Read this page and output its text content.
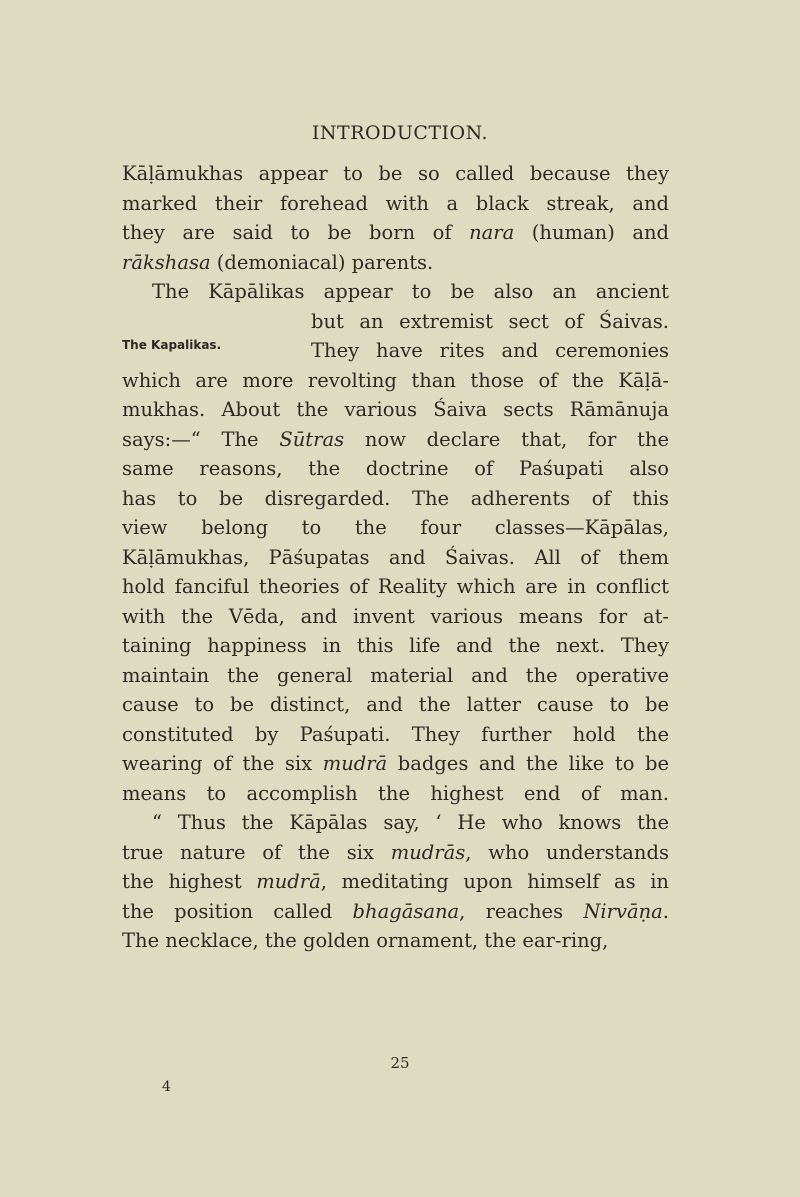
INTRODUCTION.
The Kapalikas.
Kāḷāmukhas appear to be so called because they
marked their forehead with a black streak, and
they are said to be born of nara (human) and
rākshasa (demoniacal) parents.
The Kāpālikas appear to be also an ancient
but an extremist sect of Śaivas.
They have rites and ceremonies
which are more revolting than those of the Kāḷā-
mukhas. About the various Śaiva sects Rāmānuja
says:—“ The Sūtras now declare that, for the
same reasons, the doctrine of Paśupati also
has to be disregarded. The adherents of this
view belong to the four classes—Kāpālas,
Kāḷāmukhas, Pāśupatas and Śaivas. All of them
hold fanciful theories of Reality which are in conflict
with the Vēda, and invent various means for at-
taining happiness in this life and the next. They
maintain the general material and the operative
cause to be distinct, and the latter cause to be
constituted by Paśupati. They further hold the
wearing of the six mudrā badges and the like to be
means to accomplish the highest end of man.
“ Thus the Kāpālas say, ‘ He who knows the
true nature of the six mudrās, who understands
the highest mudrā, meditating upon himself as in
the position called bhagāsana, reaches Nirvāṇa.
The necklace, the golden ornament, the ear-ring,
25
4
